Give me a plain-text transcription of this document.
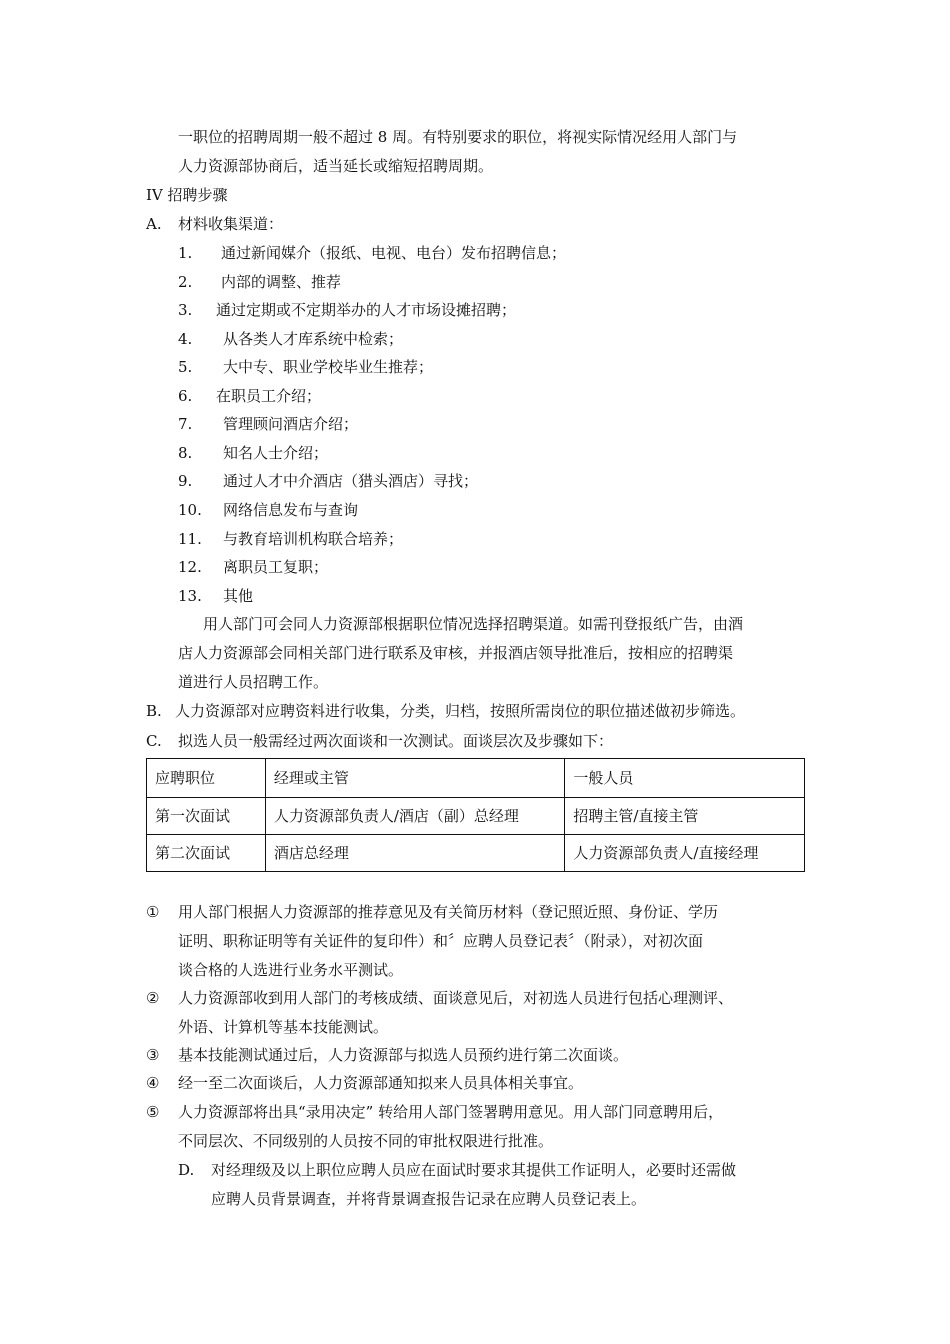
一职位的招聘周期一般不超过 8 周。有特别要求的职位，将视实际情况经用人部门与
人力资源部协商后，适当延长或缩短招聘周期。
IV 招聘步骤
A. 材料收集渠道：
1. 通过新闻媒介（报纸、电视、电台）发布招聘信息；
2. 内部的调整、推荐
3. 通过定期或不定期举办的人才市场设摊招聘；
4. 从各类人才库系统中检索；
5. 大中专、职业学校毕业生推荐；
6. 在职员工介绍；
7. 管理顾问酒店介绍；
8. 知名人士介绍；
9. 通过人才中介酒店（猎头酒店）寻找；
10. 网络信息发布与查询
11. 与教育培训机构联合培养；
12. 离职员工复职；
13. 其他
用人部门可会同人力资源部根据职位情况选择招聘渠道。如需刊登报纸广告，由酒
店人力资源部会同相关部门进行联系及审核，并报酒店领导批准后，按相应的招聘渠
道进行人员招聘工作。
B. 人力资源部对应聘资料进行收集，分类，归档，按照所需岗位的职位描述做初步筛选。
C. 拟选人员一般需经过两次面谈和一次测试。面谈层次及步骤如下：
应聘职位	经理或主管	一般人员
第一次面试	人力资源部负责人/酒店（副）总经理	招聘主管/直接主管
第二次面试	酒店总经理	人力资源部负责人/直接经理
① 用人部门根据人力资源部的推荐意见及有关简历材料（登记照近照、身份证、学历
证明、职称证明等有关证件的复印件）和〞应聘人员登记表〞（附录），对初次面
谈合格的人选进行业务水平测试。
② 人力资源部收到用人部门的考核成绩、面谈意见后，对初选人员进行包括心理测评、
外语、计算机等基本技能测试。
③ 基本技能测试通过后，人力资源部与拟选人员预约进行第二次面谈。
④ 经一至二次面谈后，人力资源部通知拟来人员具体相关事宜。
⑤ 人力资源部将出具“录用决定” 转给用人部门签署聘用意见。用人部门同意聘用后，
不同层次、不同级别的人员按不同的审批权限进行批准。
D. 对经理级及以上职位应聘人员应在面试时要求其提供工作证明人，必要时还需做
应聘人员背景调查，并将背景调查报告记录在应聘人员登记表上。
